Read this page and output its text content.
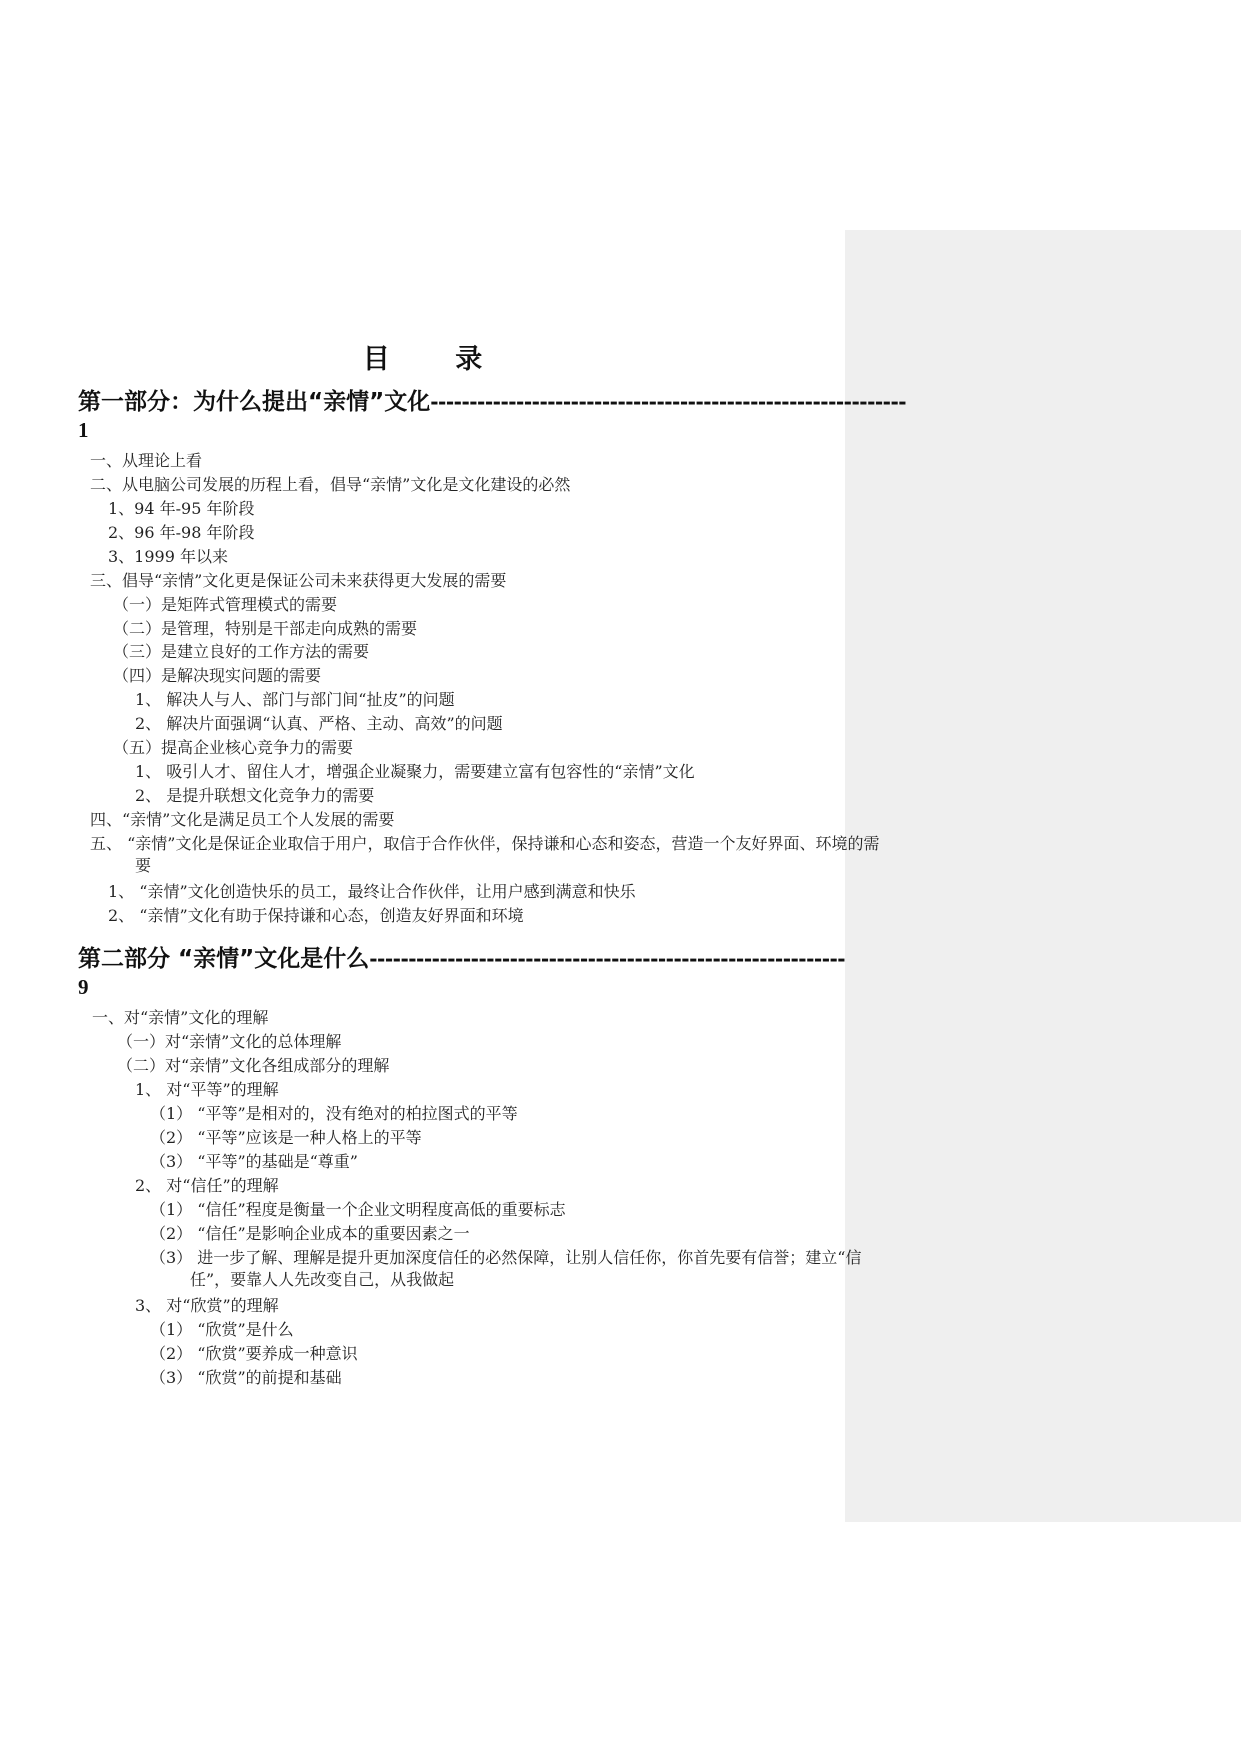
目 录
第一部分：为什么提出“亲情”文化 -------------------------------------------------------------
1
一、从理论上看
二、从电脑公司发展的历程上看，倡导“亲情”文化是文化建设的必然
1、94 年-95 年阶段
2、96 年-98 年阶段
3、1999 年以来
三、倡导“亲情”文化更是保证公司未来获得更大发展的需要
（一）是矩阵式管理模式的需要
（二）是管理，特别是干部走向成熟的需要
（三）是建立良好的工作方法的需要
（四）是解决现实问题的需要
1、 解决人与人、部门与部门间“扯皮”的问题
2、 解决片面强调“认真、严格、主动、高效”的问题
（五）提高企业核心竞争力的需要
1、 吸引人才、留住人才，增强企业凝聚力，需要建立富有包容性的“亲情”文化
2、 是提升联想文化竞争力的需要
四、“亲情”文化是满足员工个人发展的需要
五、 “亲情”文化是保证企业取信于用户，取信于合作伙伴，保持谦和心态和姿态，营造一个友好界面、环境的需要
1、 “亲情”文化创造快乐的员工，最终让合作伙伴，让用户感到满意和快乐
2、 “亲情”文化有助于保持谦和心态，创造友好界面和环境
第二部分 “亲情”文化是什么 -------------------------------------------------------------
9
一、对“亲情”文化的理解
（一）对“亲情”文化的总体理解
（二）对“亲情”文化各组成部分的理解
1、 对“平等”的理解
（1） “平等”是相对的，没有绝对的柏拉图式的平等
（2） “平等”应该是一种人格上的平等
（3） “平等”的基础是“尊重”
2、 对“信任”的理解
（1） “信任”程度是衡量一个企业文明程度高低的重要标志
（2） “信任”是影响企业成本的重要因素之一
（3） 进一步了解、理解是提升更加深度信任的必然保障，让别人信任你，你首先要有信誉；建立“信任”，要靠人人先改变自己，从我做起
3、 对“欣赏”的理解
（1） “欣赏”是什么
（2） “欣赏”要养成一种意识
（3） “欣赏”的前提和基础
